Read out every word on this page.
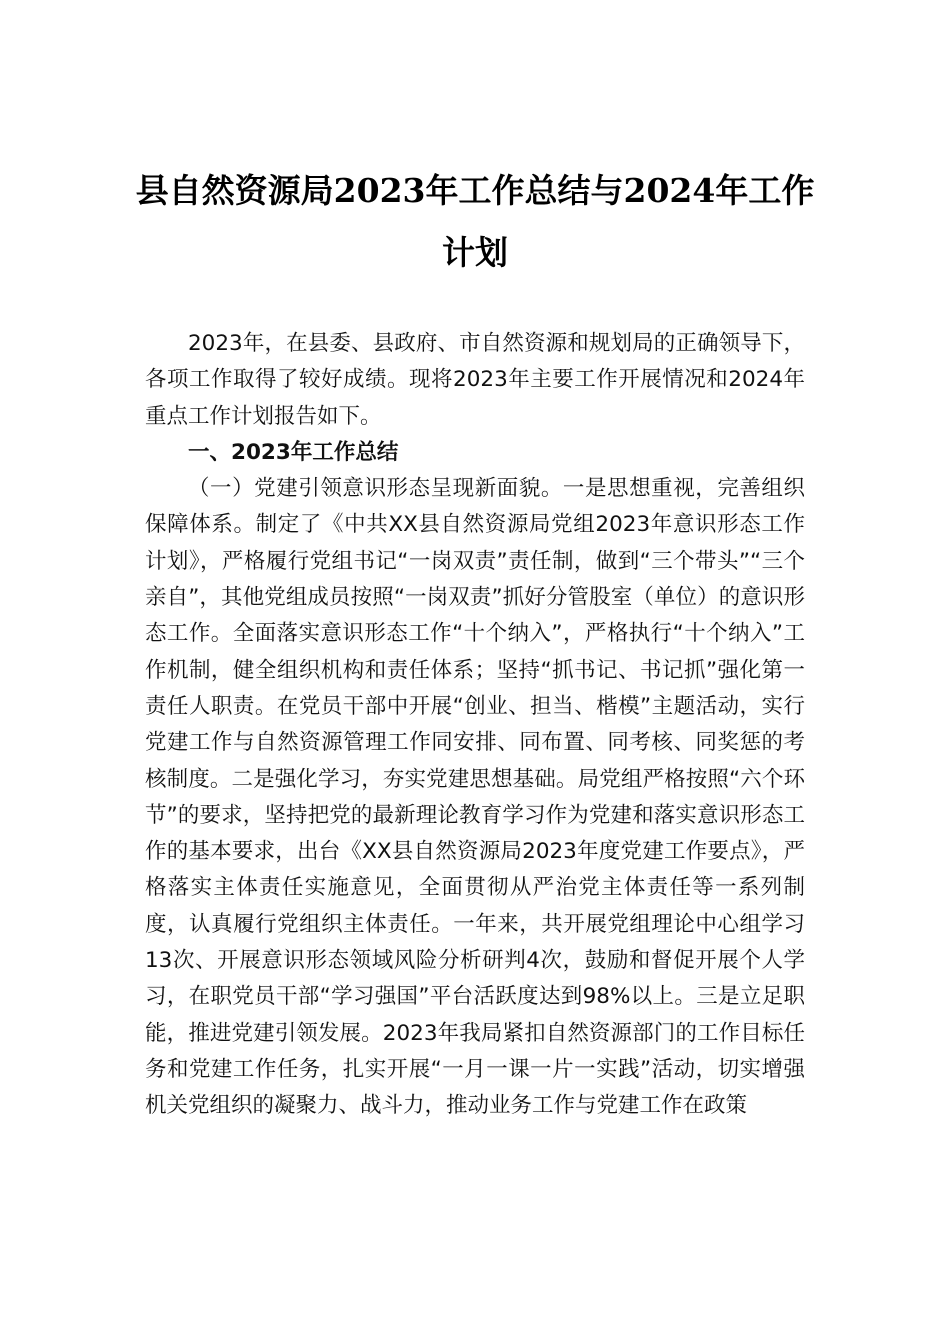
县自然资源局2023年工作总结与2024年工作计划

2023年，在县委、县政府、市自然资源和规划局的正确领导下，各项工作取得了较好成绩。现将2023年主要工作开展情况和2024年重点工作计划报告如下。

一、2023年工作总结

（一）党建引领意识形态呈现新面貌。一是思想重视，完善组织保障体系。制定了《中共XX县自然资源局党组2023年意识形态工作计划》，严格履行党组书记“一岗双责”责任制，做到“三个带头”“三个亲自”，其他党组成员按照“一岗双责”抓好分管股室（单位）的意识形态工作。全面落实意识形态工作“十个纳入”，严格执行“十个纳入”工作机制，健全组织机构和责任体系；坚持“抓书记、书记抓”强化第一责任人职责。在党员干部中开展“创业、担当、楷模”主题活动，实行党建工作与自然资源管理工作同安排、同布置、同考核、同奖惩的考核制度。二是强化学习，夯实党建思想基础。局党组严格按照“六个环节”的要求，坚持把党的最新理论教育学习作为党建和落实意识形态工作的基本要求，出台《XX县自然资源局2023年度党建工作要点》，严格落实主体责任实施意见，全面贯彻从严治党主体责任等一系列制度，认真履行党组织主体责任。一年来，共开展党组理论中心组学习13次、开展意识形态领域风险分析研判4次，鼓励和督促开展个人学习，在职党员干部“学习强国”平台活跃度达到98%以上。三是立足职能，推进党建引领发展。2023年我局紧扣自然资源部门的工作目标任务和党建工作任务，扎实开展“一月一课一片一实践”活动，切实增强机关党组织的凝聚力、战斗力，推动业务工作与党建工作在政策
